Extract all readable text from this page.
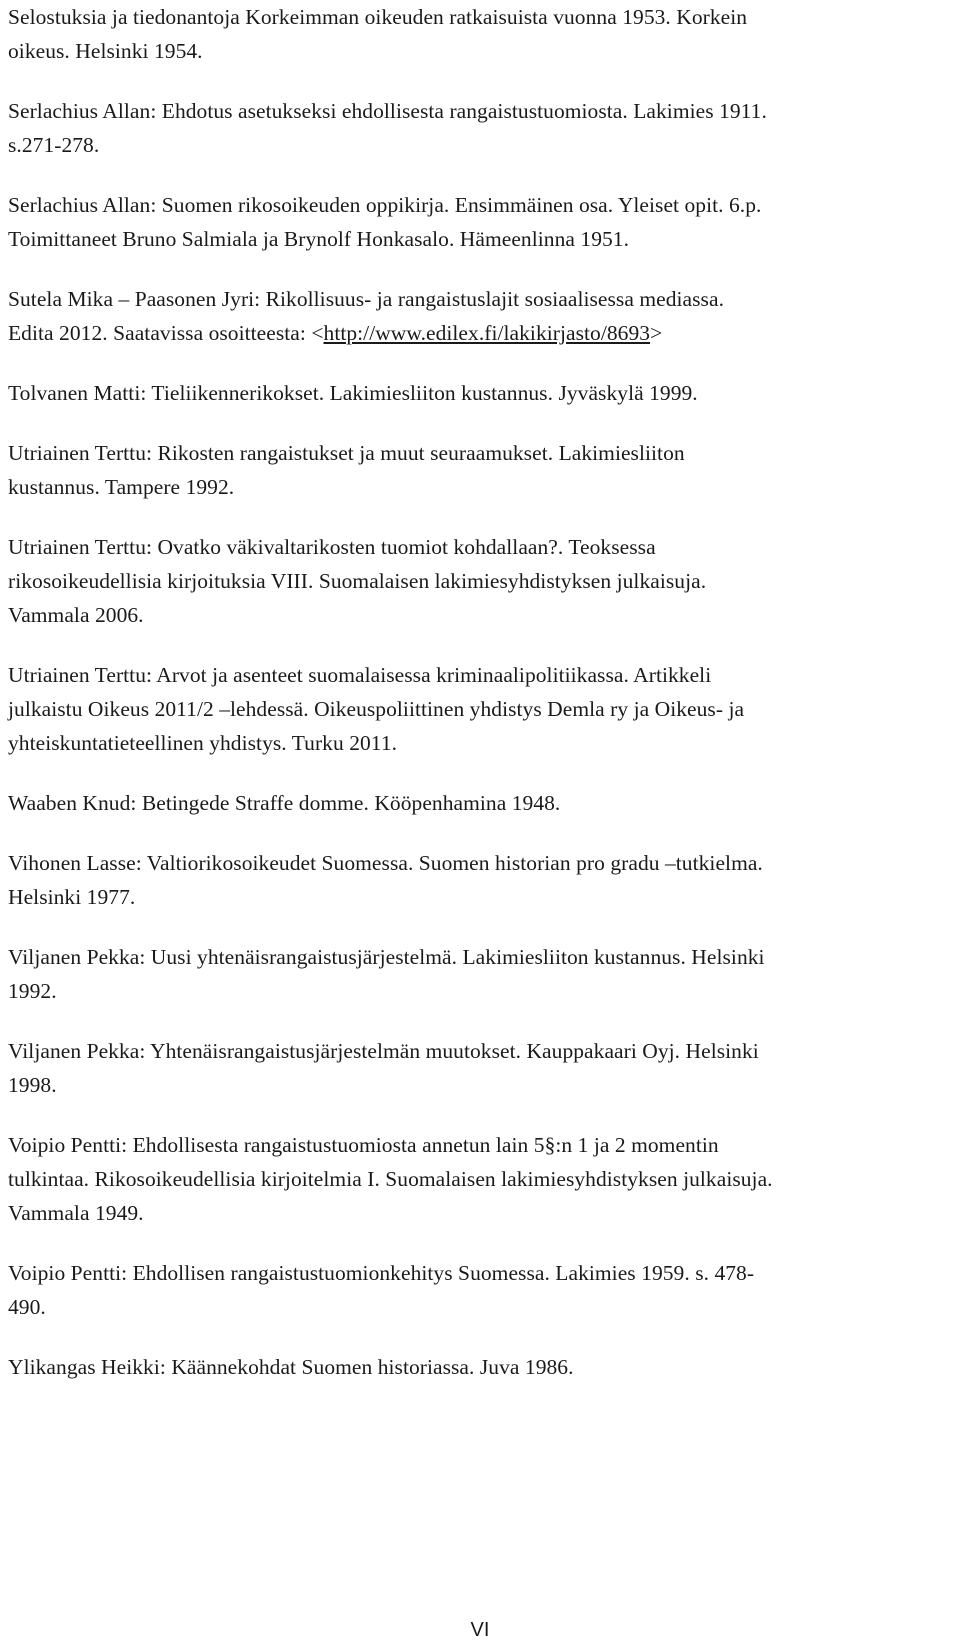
Selostuksia ja tiedonantoja Korkeimman oikeuden ratkaisuista vuonna 1953. Korkein
oikeus. Helsinki 1954.
Serlachius Allan: Ehdotus asetukseksi ehdollisesta rangaistustuomiosta. Lakimies 1911.
s.271-278.
Serlachius Allan: Suomen rikosoikeuden oppikirja. Ensimmäinen osa. Yleiset opit. 6.p.
Toimittaneet Bruno Salmiala ja Brynolf Honkasalo. Hämeenlinna 1951.
Sutela Mika – Paasonen Jyri: Rikollisuus- ja rangaistuslajit sosiaalisessa mediassa.
Edita 2012. Saatavissa osoitteesta: <http://www.edilex.fi/lakikirjasto/8693>
Tolvanen Matti: Tieliikennerikokset. Lakimiesliiton kustannus. Jyväskylä 1999.
Utriainen Terttu: Rikosten rangaistukset ja muut seuraamukset. Lakimiesliiton
kustannus. Tampere 1992.
Utriainen Terttu: Ovatko väkivaltarikosten tuomiot kohdallaan?. Teoksessa
rikosoikeudellisia kirjoituksia VIII. Suomalaisen lakimiesyhdistyksen julkaisuja.
Vammala 2006.
Utriainen Terttu: Arvot ja asenteet suomalaisessa kriminaalipolitiikassa. Artikkeli
julkaistu Oikeus 2011/2 –lehdessä. Oikeuspoliittinen yhdistys Demla ry ja Oikeus- ja
yhteiskuntatieteellinen yhdistys. Turku 2011.
Waaben Knud: Betingede Straffe domme. Kööpenhamina 1948.
Vihonen Lasse: Valtiorikosoikeudet Suomessa. Suomen historian pro gradu –tutkielma.
Helsinki 1977.
Viljanen Pekka: Uusi yhtenäisrangaistusjärjestelmä. Lakimiesliiton kustannus. Helsinki
1992.
Viljanen Pekka: Yhtenäisrangaistusjärjestelmän muutokset. Kauppakaari Oyj. Helsinki
1998.
Voipio Pentti: Ehdollisesta rangaistustuomiosta annetun lain 5§:n 1 ja 2 momentin
tulkintaa. Rikosoikeudellisia kirjoitelmia I. Suomalaisen lakimiesyhdistyksen julkaisuja.
Vammala 1949.
Voipio Pentti: Ehdollisen rangaistustuomionkehitys Suomessa. Lakimies 1959. s. 478-
490.
Ylikangas Heikki: Käännekohdat Suomen historiassa. Juva 1986.
VI
